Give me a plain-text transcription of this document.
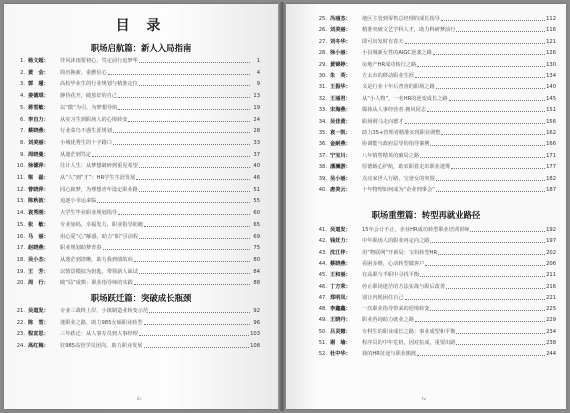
目 录
职场启航篇：新人入局指南
1. 杨文超：	伴风沐雨要初心，笃定前行追梦华	1
2. 黄　会：	简历换新，重燃信心	4
3. 郭　瑾：	高校毕业生的行业规划与精准定位	9
4. 姜德琪：	静待花开，破茧好的自己	13
5. 蒋雪敏：	以“微”为引，为梦想导航	19
6. 李自力：	从实习生到职场人的心境转变	24
7. 蔡晓燕：	行业菜鸟不惑生涯规划	28
8. 刘美丽：	小城优秀生的十字路口	33
9. 周晓曼：	从迷茫到笃定	37
10. 徐德萍：	往计人生：从梦想破碎到重见希望	40
11. 梁　磊：	从“人”到“才”：HR学生生涯发展	46
12. 曾晓萍：	同心致梦，为理想青年设定职业路	51
13. 陈秋彼：	追逐小幸运来临	55
14. 袁秀刚：	大学生毕业职业规划指导	60
15. 张　敏：	专业加码，幸福发力，职业指导助跑	65
16. 马　丽：	用心爱“心”解惑，助力“职”引前程	69
17. 赵晓燕：	职业规划助梦青春	75
18. 吴小杰：	从迷茫到清晰，助力我到绩航向	80
19. 王　芳：	以情景模拟为钥匙，带领新人面试	84
20. 周　行：	破“局”成棋：职业指导师的实践	88
职场跃迁篇：突破成长瓶颈
21. 吴道发：	专业三战终上岸，小镇制造业转变示范	92
22. 陈　雪：	迷职业之路，助力985女硕职业转型	96
23. 程宣思：	三年跃迁：从人事专员到人事经理	103
24. 高红梅：	驻985高管学员团岗，助力职业发展	108
iii
25. 冯丽杰：	地区主管到零售总经理的成长指导	112
26. 刘美丽：	精准突破文艺学科人才，助力科研梦前行	116
27. 刘冬华：	即可出发时有春天	121
28. 徐小丽：	小县城新女性的AIGC逆袭之路	126
29. 黄锦婷：	房地产HR成功转行之路	130
30. 朱　英：	方太市的移动职业生涯	134
31. 王振华：	又是行业十年后普查的职场之路	140
32. 王丽君：	从“小人物”，一名HR的逆变成长之路	145
33. 宋海燕：	媒体从人事经营者·拥风同志	151
34. 吴佳黄：	职场荆马走向德才	156
35. 袁一凯：	助力35+管理者精准实现职业调整	162
36. 金耐燕：	协调能与政府层导的指导案例	166
37. 宁宝川：	八年销售精英的破局之路	171
38. 潘澜游：	厚德载心护航，助农职着走出职业迷雾	177
39. 吴小丽：	点亮家世人行路，宝爸女的突围	182
40. 唐美云：	十年物理如何成为“企业刑事会”	187
职场重塑篇：转型再就业路径
41. 吴道发：	15年会计不止，企业HR成功转型职业培训讲师	192
42. 钱妊力：	中年职场人的职业再定向之路	197
43. 沈江伴：	用“物联网”开新局：宝妈转型HR	202
44. 蔡晓燕：	看困多维，心动转型做客户	206
45. 王和丽：	在高职与半职中寻找平衡	211
46. 丁方荣：	停止职场迷茫的方法实战与职后改善	216
47. 郑明凤：	别让内耗困住自己	221
48. 李鑫鑫：	一次职业指导带来的逆境转变	225
49. 王晓丹：	职业咨询助力就业之路	229
50. 吕灵娜：	专科生的职业成长之路：事业成型和平衡	234
51. 谢　瑜：	程序员的中年危机，因对抗成，重要出路	238
52. 杜中华：	我的HR征途与职业搬渡	244
iv
